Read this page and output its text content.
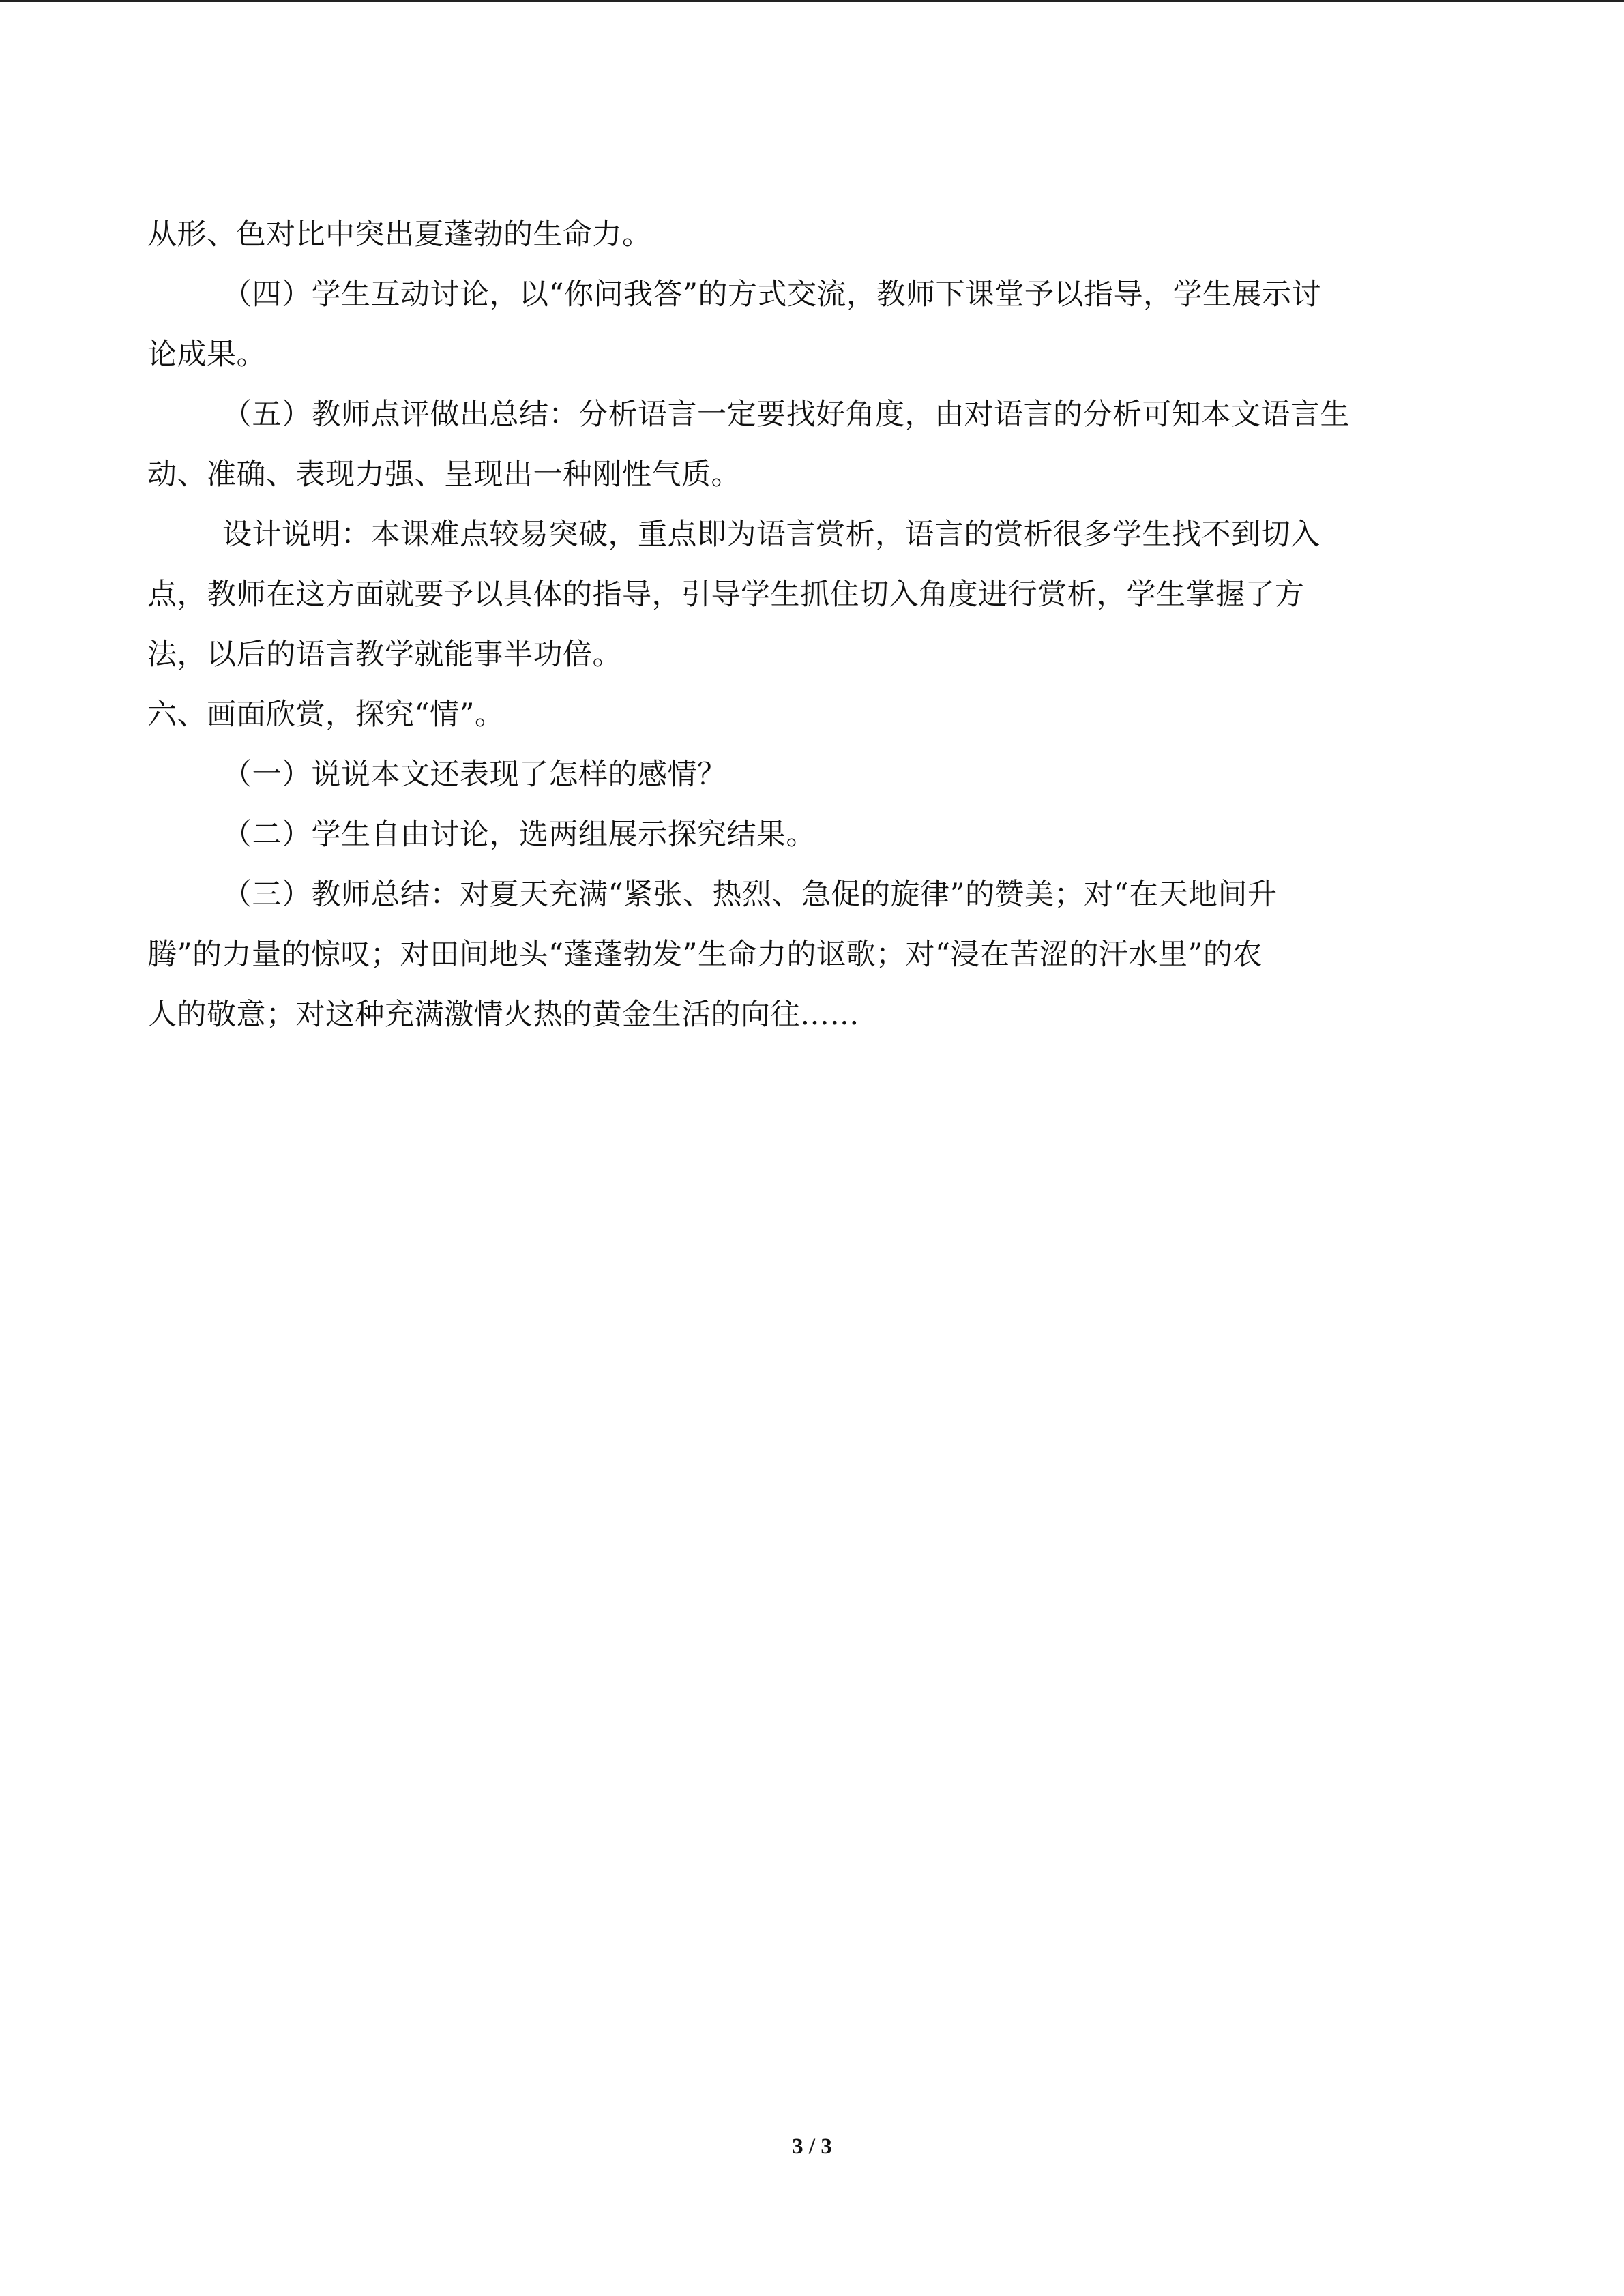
从形、色对比中突出夏蓬勃的生命力。
（四）学生互动讨论，以“你问我答”的方式交流，教师下课堂予以指导，学生展示讨
论成果。
（五）教师点评做出总结：分析语言一定要找好角度，由对语言的分析可知本文语言生
动、准确、表现力强、呈现出一种刚性气质。
设计说明：本课难点较易突破，重点即为语言赏析，语言的赏析很多学生找不到切入
点，教师在这方面就要予以具体的指导，引导学生抓住切入角度进行赏析，学生掌握了方
法，以后的语言教学就能事半功倍。
六、画面欣赏，探究“情”。
（一）说说本文还表现了怎样的感情？
（二）学生自由讨论，选两组展示探究结果。
（三）教师总结：对夏天充满“紧张、热烈、急促的旋律”的赞美；对“在天地间升
腾”的力量的惊叹；对田间地头“蓬蓬勃发”生命力的讴歌；对“浸在苦涩的汗水里”的农
人的敬意；对这种充满激情火热的黄金生活的向往……
3 / 3
